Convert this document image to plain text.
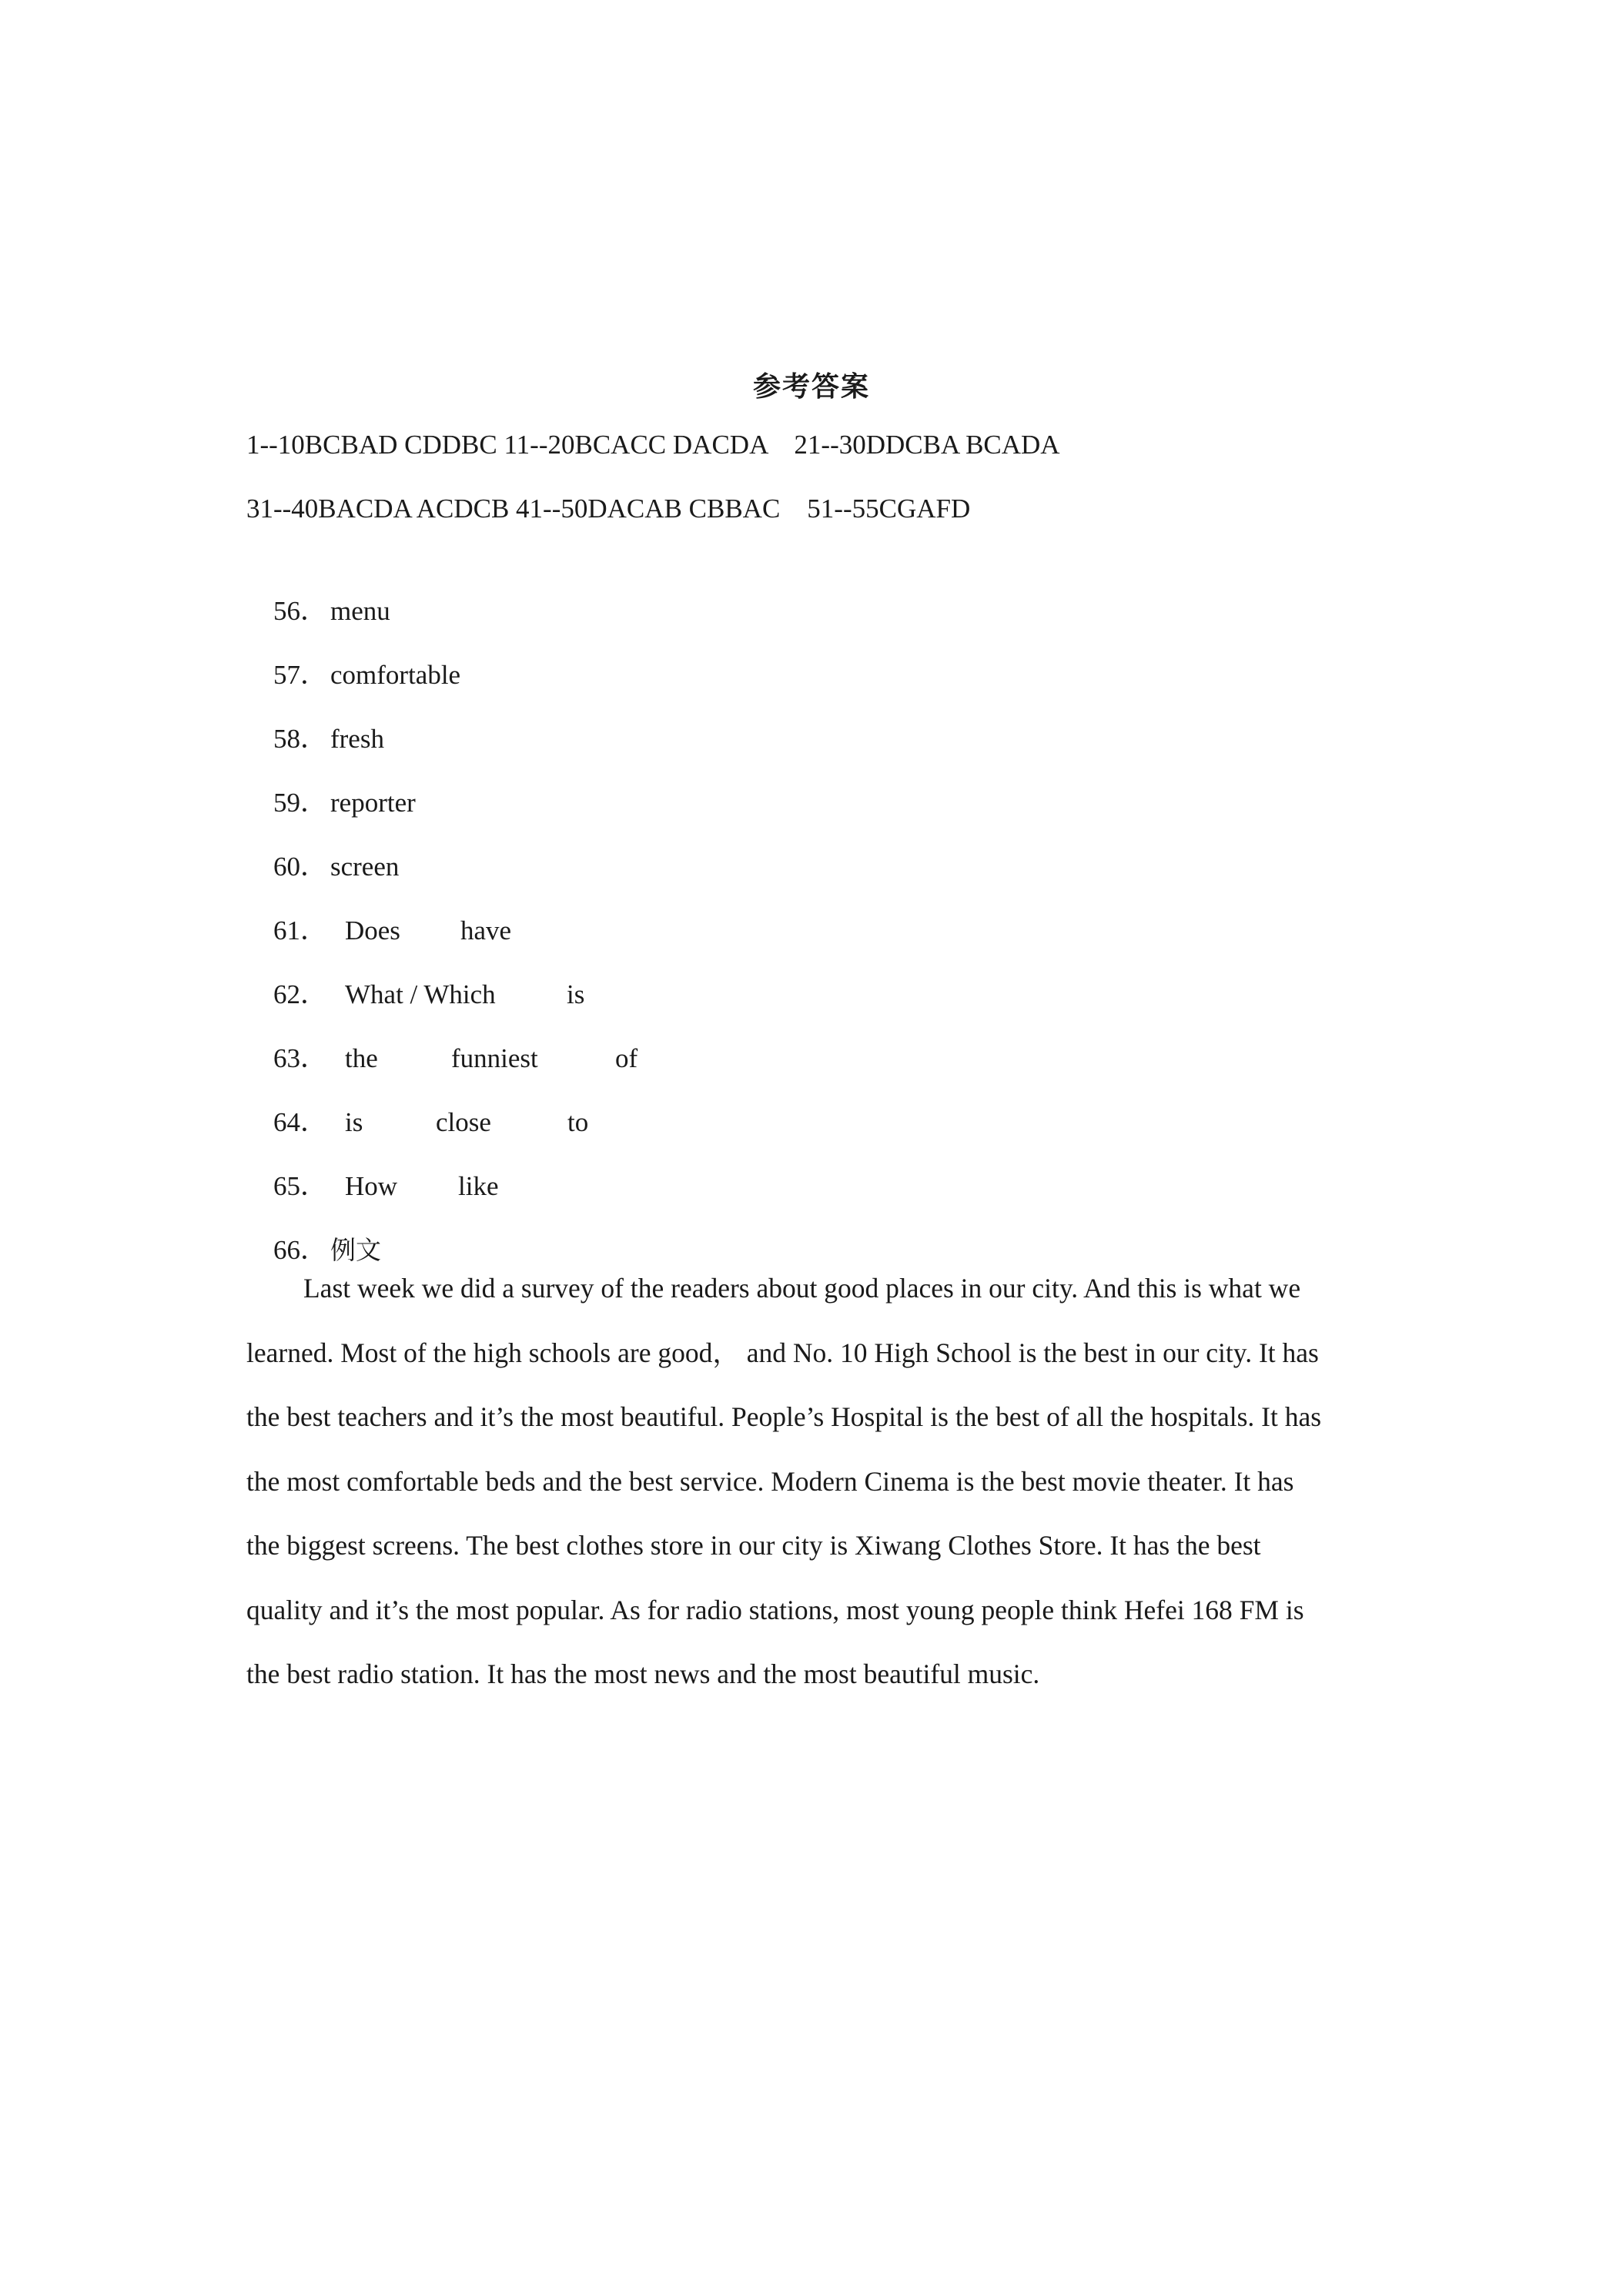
参考答案
1--10BCBAD CDDBC 11--20BCACC DACDA    21--30DDCBA BCADA
31--40BACDA ACDCB 41--50DACAB CBBAC    51--55CGAFD

56． menu

57． comfortable

58． fresh

59． reporter

60． screen

61． Does have

62． What / Which	is

63． the	funniest	of

64． is	close	to

65． How like

66． 例文

Last week we did a survey of the readers about good places in our city. And this is what we
learned. Most of the high schools are good， and No. 10 High School is the best in our city. It has
the best teachers and it’s the most beautiful. People’s Hospital is the best of all the hospitals. It has
the most comfortable beds and the best service. Modern Cinema is the best movie theater. It has
the biggest screens. The best clothes store in our city is Xiwang Clothes Store. It has the best
quality and it’s the most popular. As for radio stations, most young people think Hefei 168 FM is
the best radio station. It has the most news and the most beautiful music.
